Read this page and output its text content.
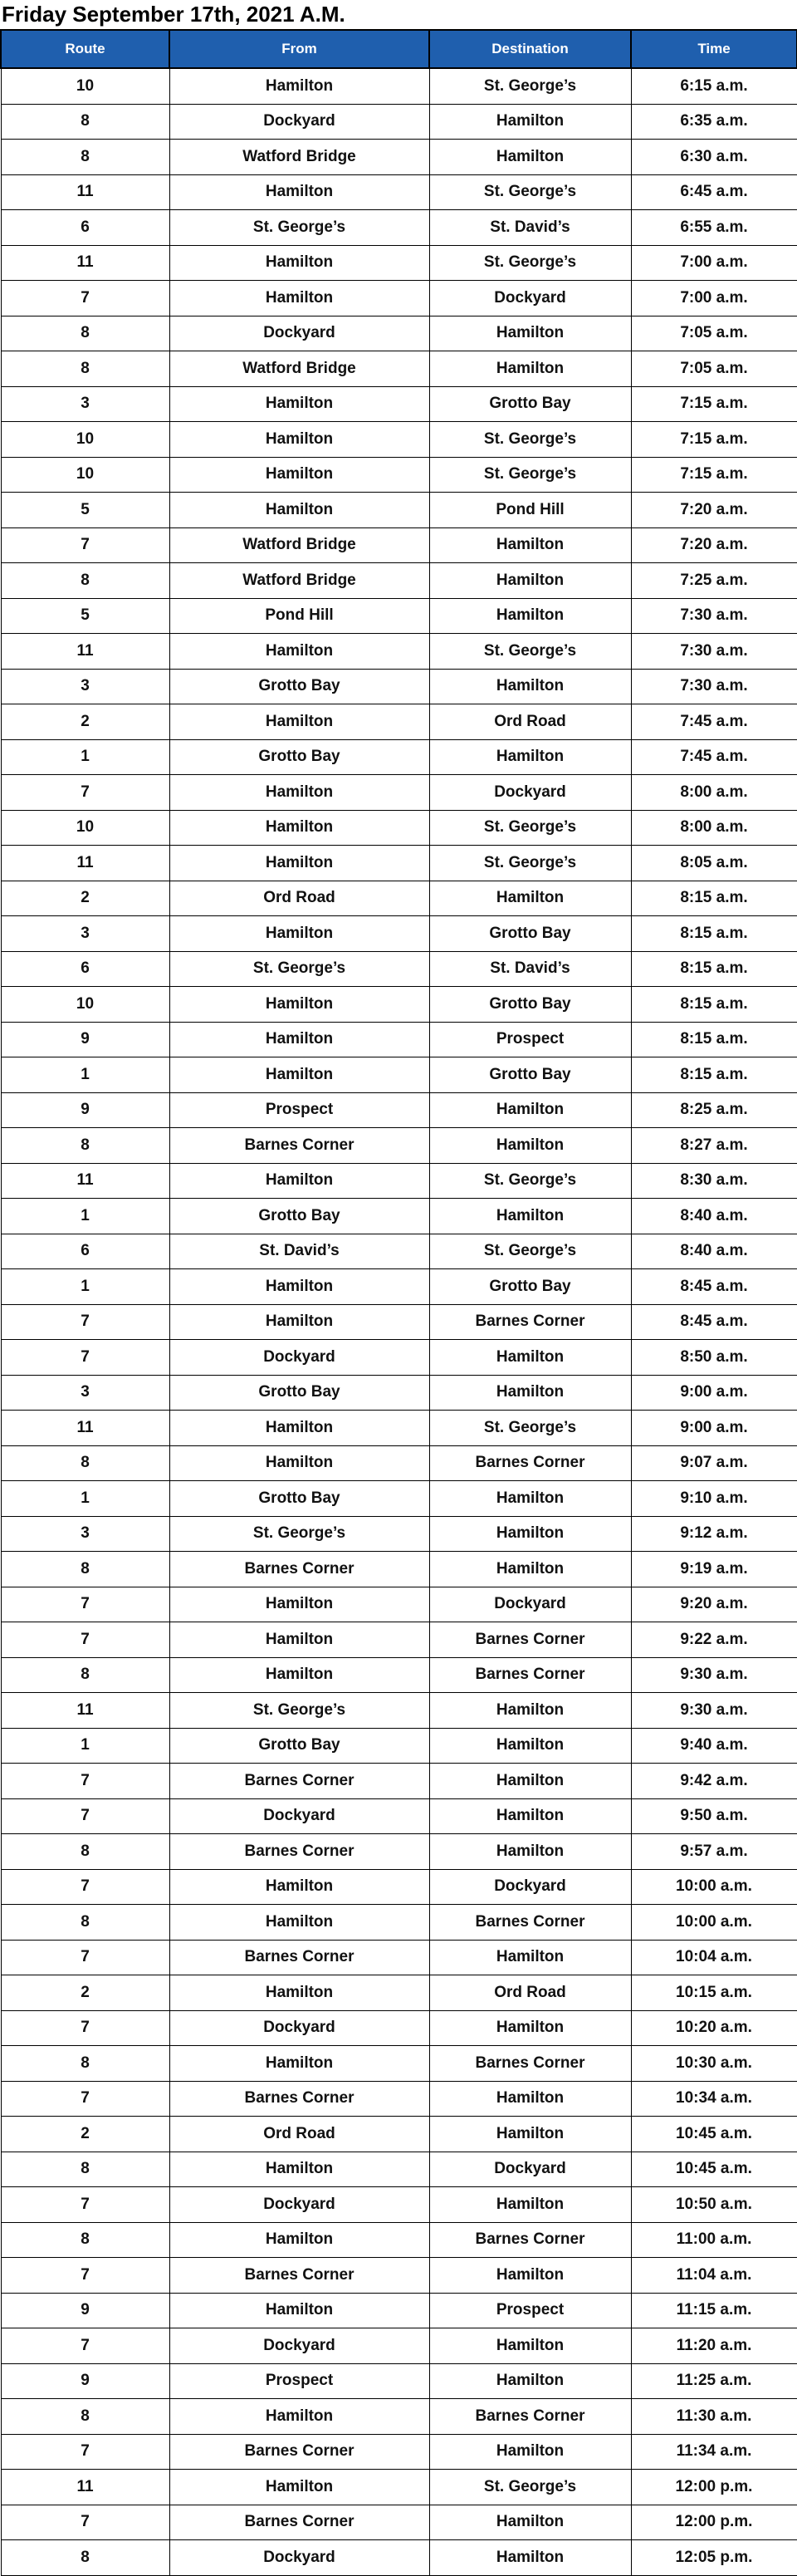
Friday September 17th, 2021 A.M.
Route	From	Destination	Time
10	Hamilton	St. George’s	6:15 a.m.
8	Dockyard	Hamilton	6:35 a.m.
8	Watford Bridge	Hamilton	6:30 a.m.
11	Hamilton	St. George’s	6:45 a.m.
6	St. George’s	St. David’s	6:55 a.m.
11	Hamilton	St. George’s	7:00 a.m.
7	Hamilton	Dockyard	7:00 a.m.
8	Dockyard	Hamilton	7:05 a.m.
8	Watford Bridge	Hamilton	7:05 a.m.
3	Hamilton	Grotto Bay	7:15 a.m.
10	Hamilton	St. George’s	7:15 a.m.
10	Hamilton	St. George’s	7:15 a.m.
5	Hamilton	Pond Hill	7:20 a.m.
7	Watford Bridge	Hamilton	7:20 a.m.
8	Watford Bridge	Hamilton	7:25 a.m.
5	Pond Hill	Hamilton	7:30 a.m.
11	Hamilton	St. George’s	7:30 a.m.
3	Grotto Bay	Hamilton	7:30 a.m.
2	Hamilton	Ord Road	7:45 a.m.
1	Grotto Bay	Hamilton	7:45 a.m.
7	Hamilton	Dockyard	8:00 a.m.
10	Hamilton	St. George’s	8:00 a.m.
11	Hamilton	St. George’s	8:05 a.m.
2	Ord Road	Hamilton	8:15 a.m.
3	Hamilton	Grotto Bay	8:15 a.m.
6	St. George’s	St. David’s	8:15 a.m.
10	Hamilton	Grotto Bay	8:15 a.m.
9	Hamilton	Prospect	8:15 a.m.
1	Hamilton	Grotto Bay	8:15 a.m.
9	Prospect	Hamilton	8:25 a.m.
8	Barnes Corner	Hamilton	8:27 a.m.
11	Hamilton	St. George’s	8:30 a.m.
1	Grotto Bay	Hamilton	8:40 a.m.
6	St. David’s	St. George’s	8:40 a.m.
1	Hamilton	Grotto Bay	8:45 a.m.
7	Hamilton	Barnes Corner	8:45 a.m.
7	Dockyard	Hamilton	8:50 a.m.
3	Grotto Bay	Hamilton	9:00 a.m.
11	Hamilton	St. George’s	9:00 a.m.
8	Hamilton	Barnes Corner	9:07 a.m.
1	Grotto Bay	Hamilton	9:10 a.m.
3	St. George’s	Hamilton	9:12 a.m.
8	Barnes Corner	Hamilton	9:19 a.m.
7	Hamilton	Dockyard	9:20 a.m.
7	Hamilton	Barnes Corner	9:22 a.m.
8	Hamilton	Barnes Corner	9:30 a.m.
11	St. George’s	Hamilton	9:30 a.m.
1	Grotto Bay	Hamilton	9:40 a.m.
7	Barnes Corner	Hamilton	9:42 a.m.
7	Dockyard	Hamilton	9:50 a.m.
8	Barnes Corner	Hamilton	9:57 a.m.
7	Hamilton	Dockyard	10:00 a.m.
8	Hamilton	Barnes Corner	10:00 a.m.
7	Barnes Corner	Hamilton	10:04 a.m.
2	Hamilton	Ord Road	10:15 a.m.
7	Dockyard	Hamilton	10:20 a.m.
8	Hamilton	Barnes Corner	10:30 a.m.
7	Barnes Corner	Hamilton	10:34 a.m.
2	Ord Road	Hamilton	10:45 a.m.
8	Hamilton	Dockyard	10:45 a.m.
7	Dockyard	Hamilton	10:50 a.m.
8	Hamilton	Barnes Corner	11:00 a.m.
7	Barnes Corner	Hamilton	11:04 a.m.
9	Hamilton	Prospect	11:15 a.m.
7	Dockyard	Hamilton	11:20 a.m.
9	Prospect	Hamilton	11:25 a.m.
8	Hamilton	Barnes Corner	11:30 a.m.
7	Barnes Corner	Hamilton	11:34 a.m.
11	Hamilton	St. George’s	12:00 p.m.
7	Barnes Corner	Hamilton	12:00 p.m.
8	Dockyard	Hamilton	12:05 p.m.
